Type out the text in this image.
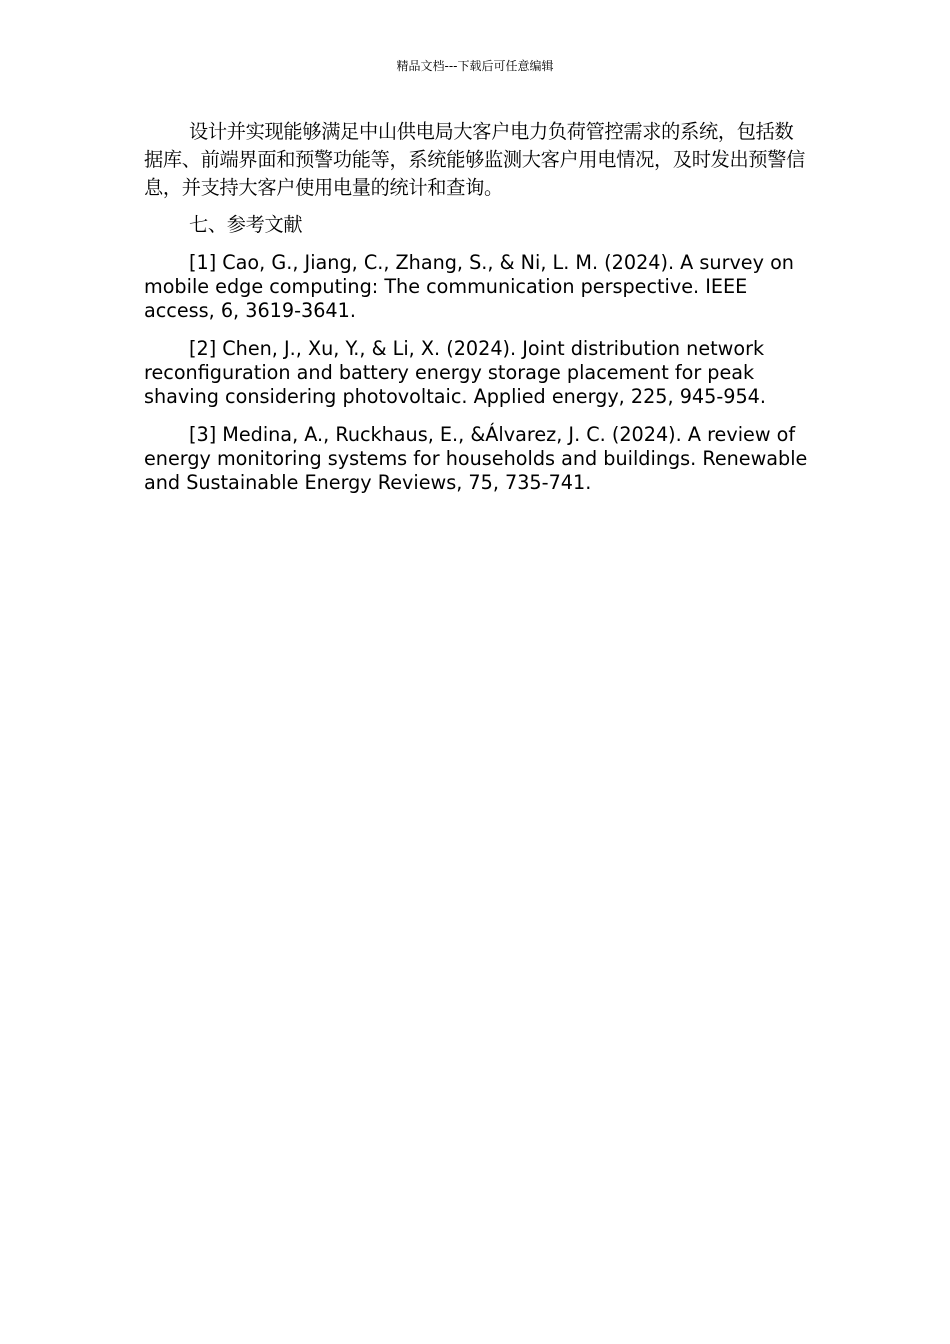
精品文档---下载后可任意编辑

设计并实现能够满足中山供电局大客户电力负荷管控需求的系统，包括数据库、前端界面和预警功能等，系统能够监测大客户用电情况，及时发出预警信息，并支持大客户使用电量的统计和查询。

七、参考文献

[1] Cao, G., Jiang, C., Zhang, S., & Ni, L. M. (2024). A survey on mobile edge computing: The communication perspective. IEEE access, 6, 3619-3641.

[2] Chen, J., Xu, Y., & Li, X. (2024). Joint distribution network reconfiguration and battery energy storage placement for peak shaving considering photovoltaic. Applied energy, 225, 945-954.

[3] Medina, A., Ruckhaus, E., &Álvarez, J. C. (2024). A review of energy monitoring systems for households and buildings. Renewable and Sustainable Energy Reviews, 75, 735-741.
